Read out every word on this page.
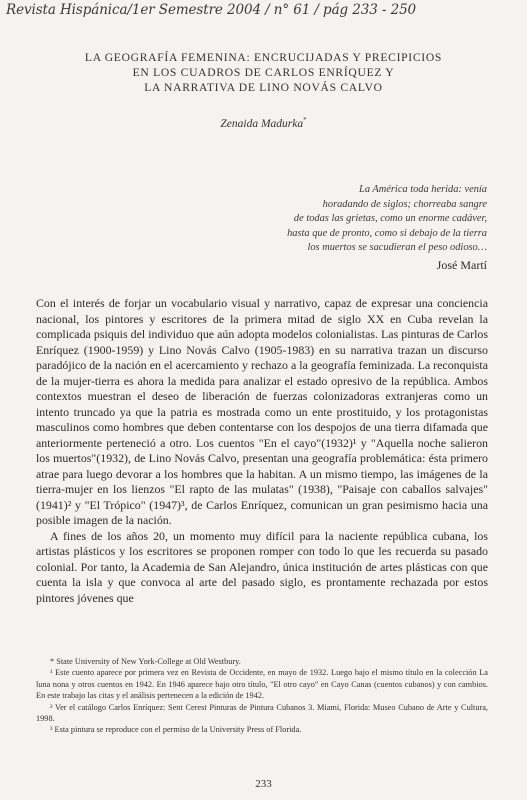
Revista Hispánica/1er Semestre 2004 / n° 61 / pág 233 - 250
LA GEOGRAFÍA FEMENINA: ENCRUCIJADAS Y PRECIPICIOS
EN LOS CUADROS DE CARLOS ENRÍQUEZ Y
LA NARRATIVA DE LINO NOVÁS CALVO
Zenaida Madurka*
La América toda herida: venía
horadando de siglos; chorreaba sangre
de todas las grietas, como un enorme cadáver,
hasta que de pronto, como si debajo de la tierra
los muertos se sacudieran el peso odioso…
José Martí

Con el interés de forjar un vocabulario visual y narrativo, capaz de expresar una conciencia nacional, los pintores y escritores de la primera mitad de siglo XX en Cuba revelan la complicada psiquis del individuo que aún adopta modelos colonialistas. Las pinturas de Carlos Enríquez (1900-1959) y Lino Novás Calvo (1905-1983) en su narrativa trazan un discurso paradójico de la nación en el acercamiento y rechazo a la geografía feminizada. La reconquista de la mujer-tierra es ahora la medida para analizar el estado opresivo de la república. Ambos contextos muestran el deseo de liberación de fuerzas colonizadoras extranjeras como un intento truncado ya que la patria es mostrada como un ente prostituido, y los protagonistas masculinos como hombres que deben contentarse con los despojos de una tierra difamada que anteriormente perteneció a otro. Los cuentos "En el cayo"(1932)¹ y "Aquella noche salieron los muertos"(1932), de Lino Novás Calvo, presentan una geografía problemática: ésta primero atrae para luego devorar a los hombres que la habitan. A un mismo tiempo, las imágenes de la tierra-mujer en los lienzos "El rapto de las mulatas" (1938), "Paisaje con caballos salvajes" (1941)² y "El Trópico" (1947)³, de Carlos Enríquez, comunican un gran pesimismo hacia una posible imagen de la nación.

A fines de los años 20, un momento muy difícil para la naciente república cubana, los artistas plásticos y los escritores se proponen romper con todo lo que les recuerda su pasado colonial. Por tanto, la Academia de San Alejandro, única institución de artes plásticas con que cuenta la isla y que convoca al arte del pasado siglo, es prontamente rechazada por estos pintores jóvenes que

* State University of New York-College at Old Westbury.

¹ Este cuento aparece por primera vez en Revista de Occidente, en mayo de 1932. Luego bajo el mismo título en la colección La luna nona y otros cuentos en 1942. En 1946 aparece bajo otro título, "El otro cayo" en Cayo Canas (cuentos cubanos) y con cambios. En este trabajo las citas y el análisis pertenecen a la edición de 1942.

² Ver el catálogo Carlos Enríquez: Sent Cerest Pinturas de Pintura Cubanos 3. Miami, Florida: Museo Cubano de Arte y Cultura, 1998.

³ Esta pintura se reproduce con el permiso de la University Press of Florida.

233
